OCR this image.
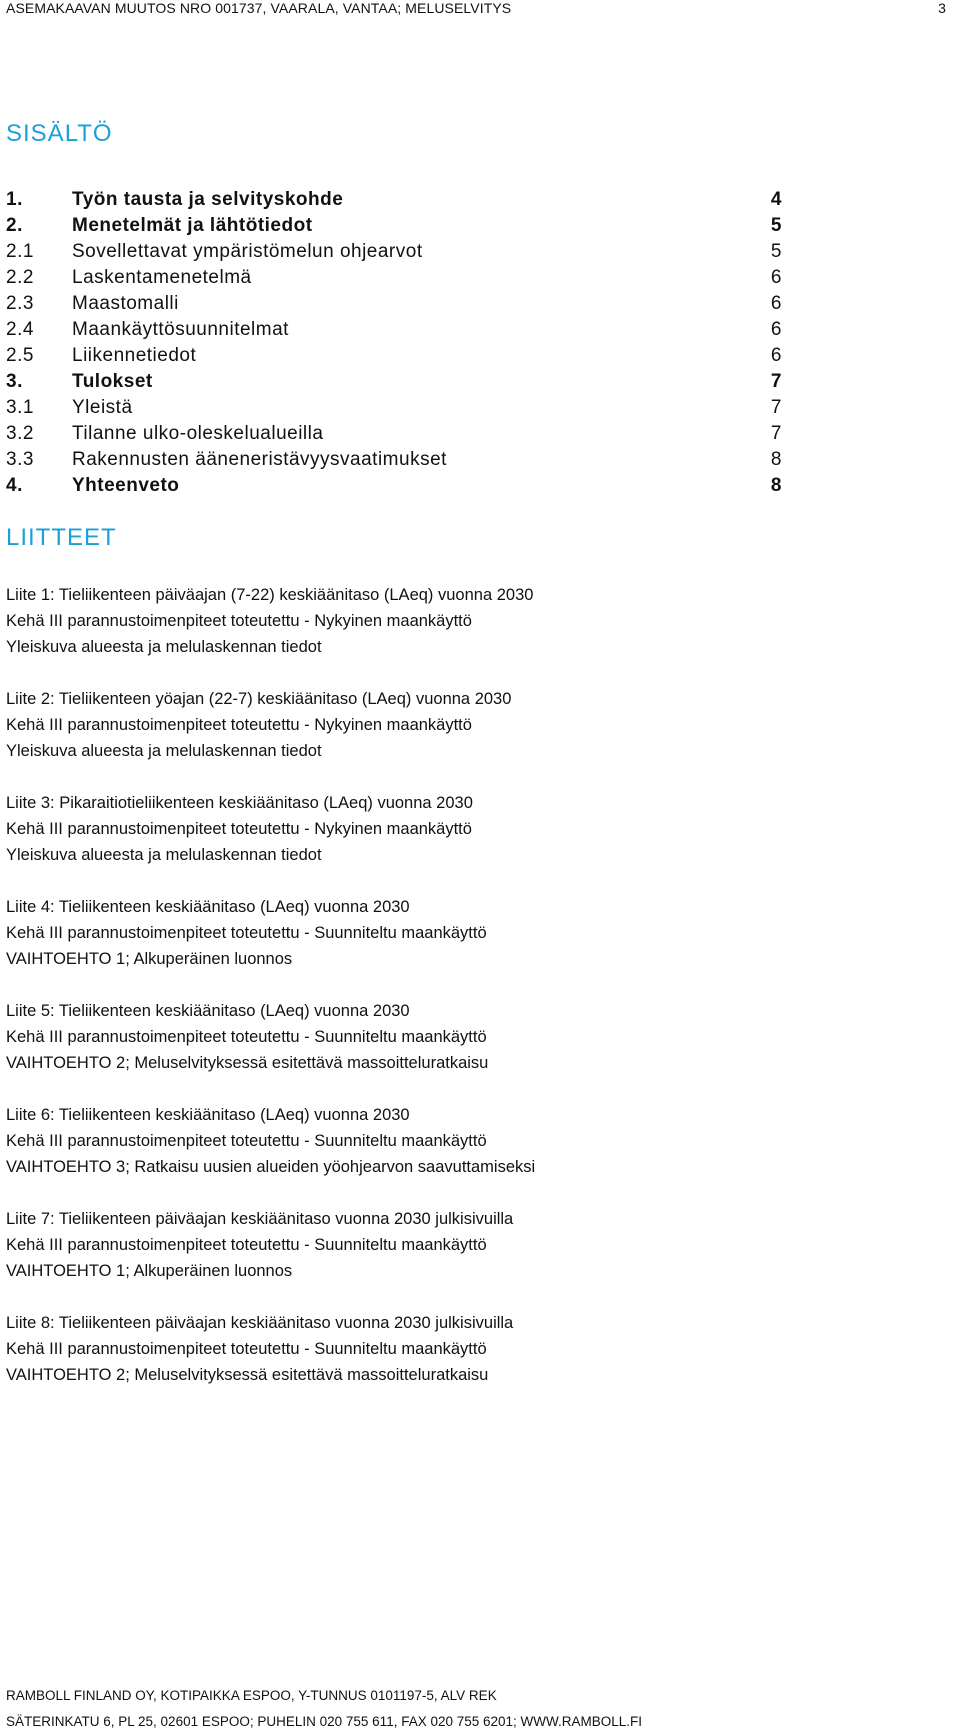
ASEMAKAAVAN MUUTOS NRO 001737, VAARALA, VANTAA; MELUSELVITYS	3
SISÄLTÖ
1.	Työn tausta ja selvityskohde	4
2.	Menetelmät ja lähtötiedot	5
2.1 Sovellettavat ympäristömelun ohjearvot	5
2.2 Laskentamenetelmä	6
2.3 Maastomalli	6
2.4 Maankäyttösuunnitelmat	6
2.5 Liikennetiedot	6
3.	Tulokset	7
3.1 Yleistä	7
3.2 Tilanne ulko-oleskelualueilla	7
3.3 Rakennusten ääneneristävyysvaatimukset	8
4.	Yhteenveto	8
LIITTEET
Liite 1: Tieliikenteen päiväajan (7-22) keskiäänitaso (LAeq) vuonna 2030
Kehä III parannustoimenpiteet toteutettu - Nykyinen maankäyttö
Yleiskuva alueesta ja melulaskennan tiedot
Liite 2: Tieliikenteen yöajan (22-7) keskiäänitaso (LAeq) vuonna 2030
Kehä III parannustoimenpiteet toteutettu - Nykyinen maankäyttö
Yleiskuva alueesta ja melulaskennan tiedot
Liite 3: Pikaraitiotieliikenteen keskiäänitaso (LAeq) vuonna 2030
Kehä III parannustoimenpiteet toteutettu - Nykyinen maankäyttö
Yleiskuva alueesta ja melulaskennan tiedot
Liite 4: Tieliikenteen keskiäänitaso (LAeq) vuonna 2030
Kehä III parannustoimenpiteet toteutettu - Suunniteltu maankäyttö
VAIHTOEHTO 1; Alkuperäinen luonnos
Liite 5: Tieliikenteen keskiäänitaso (LAeq) vuonna 2030
Kehä III parannustoimenpiteet toteutettu - Suunniteltu maankäyttö
VAIHTOEHTO 2; Meluselvityksessä esitettävä massoitteluratkaisu
Liite 6: Tieliikenteen keskiäänitaso (LAeq) vuonna 2030
Kehä III parannustoimenpiteet toteutettu - Suunniteltu maankäyttö
VAIHTOEHTO 3; Ratkaisu uusien alueiden yöohjearvon saavuttamiseksi
Liite 7: Tieliikenteen päiväajan keskiäänitaso vuonna 2030 julkisivuilla
Kehä III parannustoimenpiteet toteutettu - Suunniteltu maankäyttö
VAIHTOEHTO 1; Alkuperäinen luonnos
Liite 8: Tieliikenteen päiväajan keskiäänitaso vuonna 2030 julkisivuilla
Kehä III parannustoimenpiteet toteutettu - Suunniteltu maankäyttö
VAIHTOEHTO 2; Meluselvityksessä esitettävä massoitteluratkaisu
RAMBOLL FINLAND OY, KOTIPAIKKA ESPOO, Y-TUNNUS 0101197-5, ALV REK
SÄTERINKATU 6, PL 25, 02601 ESPOO; PUHELIN 020 755 611, FAX 020 755 6201; WWW.RAMBOLL.FI
